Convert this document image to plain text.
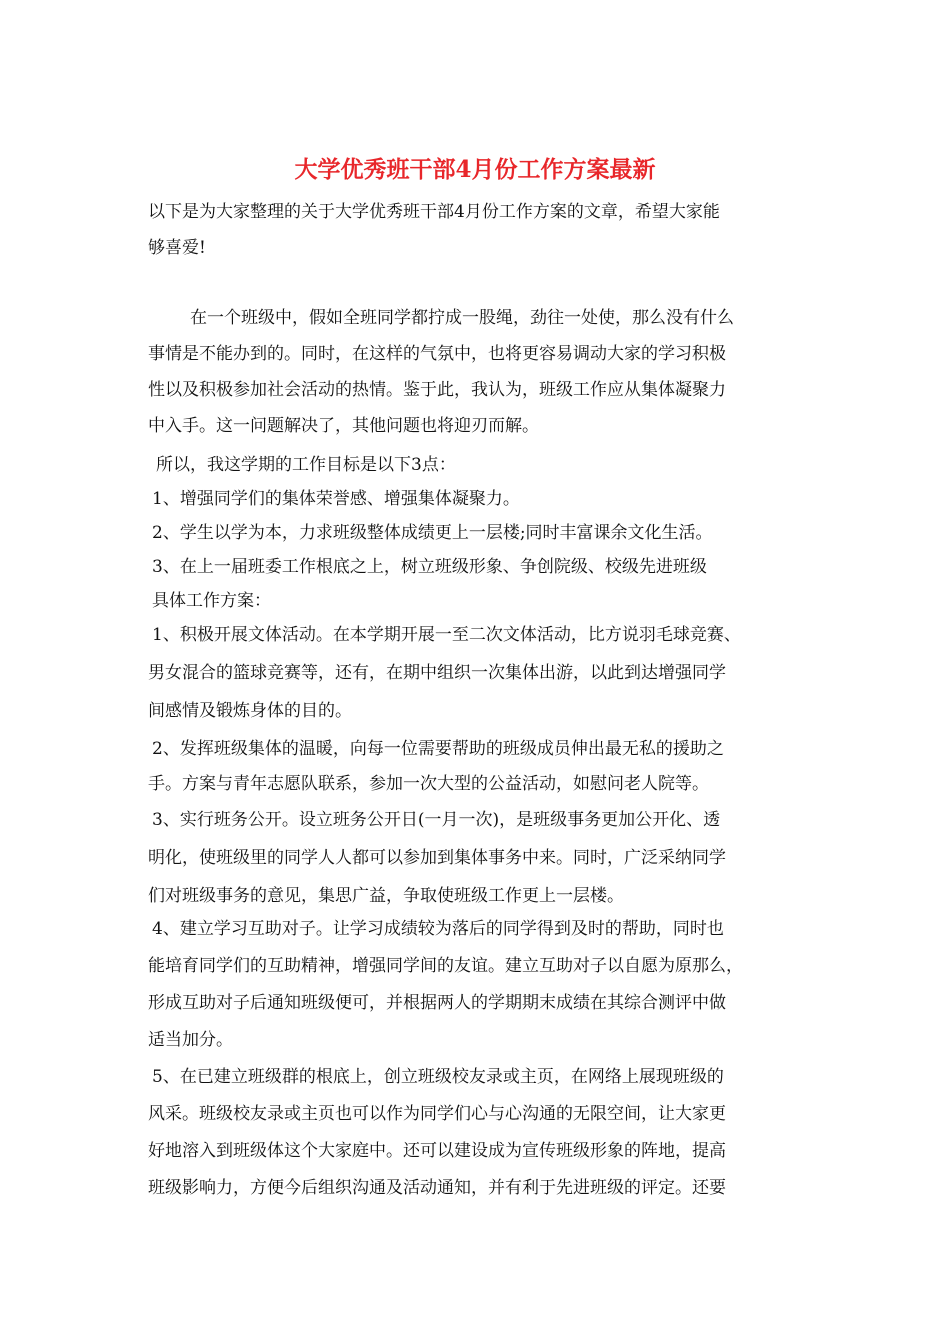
大学优秀班干部4月份工作方案最新

以下是为大家整理的关于大学优秀班干部4月份工作方案的文章，希望大家能

够喜爱!

在一个班级中，假如全班同学都拧成一股绳，劲往一处使，那么没有什么

事情是不能办到的。同时，在这样的气氛中，也将更容易调动大家的学习积极

性以及积极参加社会活动的热情。鉴于此，我认为，班级工作应从集体凝聚力

中入手。这一问题解决了，其他问题也将迎刃而解。

所以，我这学期的工作目标是以下3点：

1、增强同学们的集体荣誉感、增强集体凝聚力。

2、学生以学为本，力求班级整体成绩更上一层楼;同时丰富课余文化生活。

3、在上一届班委工作根底之上，树立班级形象、争创院级、校级先进班级

具体工作方案：

1、积极开展文体活动。在本学期开展一至二次文体活动，比方说羽毛球竞赛、

男女混合的篮球竞赛等，还有，在期中组织一次集体出游，以此到达增强同学

间感情及锻炼身体的目的。

2、发挥班级集体的温暖，向每一位需要帮助的班级成员伸出最无私的援助之

手。方案与青年志愿队联系，参加一次大型的公益活动，如慰问老人院等。

3、实行班务公开。设立班务公开日(一月一次)，是班级事务更加公开化、透

明化，使班级里的同学人人都可以参加到集体事务中来。同时，广泛采纳同学

们对班级事务的意见，集思广益，争取使班级工作更上一层楼。

4、建立学习互助对子。让学习成绩较为落后的同学得到及时的帮助，同时也

能培育同学们的互助精神，增强同学间的友谊。建立互助对子以自愿为原那么，

形成互助对子后通知班级便可，并根据两人的学期期末成绩在其综合测评中做

适当加分。

5、在已建立班级群的根底上，创立班级校友录或主页，在网络上展现班级的

风采。班级校友录或主页也可以作为同学们心与心沟通的无限空间，让大家更

好地溶入到班级体这个大家庭中。还可以建设成为宣传班级形象的阵地，提高

班级影响力，方便今后组织沟通及活动通知，并有利于先进班级的评定。还要
